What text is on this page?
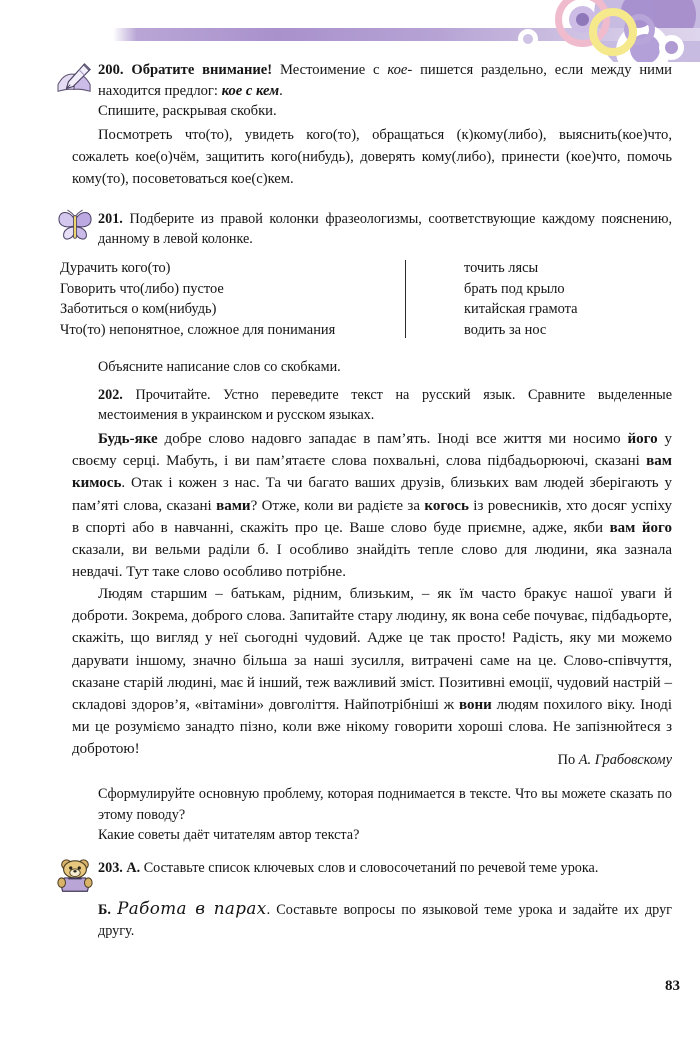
200. Обратите внимание! Местоимение с кое- пишется раздельно, если между ними находится предлог: кое с кем.

Спишите, раскрывая скобки.

Посмотреть что(то), увидеть кого(то), обращаться (к)кому(либо), выяснить(кое)что, сожалеть кое(о)чём, защитить кого(нибудь), доверять кому(либо), принести (кое)что, помочь кому(то), посоветоваться кое(с)кем.

201. Подберите из правой колонки фразеологизмы, соответствующие каждому пояснению, данному в левой колонке.

Дурачить кого(то)
Говорить что(либо) пустое
Заботиться о ком(нибудь)
Что(то) непонятное, сложное для понимания
точить лясы
брать под крыло
китайская грамота
водить за нос
Объясните написание слов со скобками.

202. Прочитайте. Устно переведите текст на русский язык. Сравните выделенные местоимения в украинском и русском языках.

Будь-яке добре слово надовго западає в пам’ять. Іноді все життя ми носимо його у своєму серці. Мабуть, і ви пам’ятаєте слова похвальні, слова підбадьорюючі, сказані вам кимось. Отак і кожен з нас. Та чи багато ваших друзів, близьких вам людей зберігають у пам’яті слова, сказані вами? Отже, коли ви радієте за когось із ровесників, хто досяг успіху в спорті або в навчанні, скажіть про це. Ваше слово буде приємне, адже, якби вам його сказали, ви вельми раділи б. І особливо знайдіть тепле слово для людини, яка зазнала невдачі. Тут таке слово особливо потрібне.
Людям старшим – батькам, рідним, близьким, – як їм часто бракує нашої уваги й доброти. Зокрема, доброго слова. Запитайте стару людину, як вона себе почуває, підбадьорте, скажіть, що вигляд у неї сьогодні чудовий. Адже це так просто! Радість, яку ми можемо дарувати іншому, значно більша за наші зусилля, витрачені саме на це. Слово-співчуття, сказане старій людині, має й інший, теж важливий зміст. Позитивні емоції, чудовий настрій – складові здоров’я, «вітаміни» довголіття. Найпотрібніші ж вони людям похилого віку. Іноді ми це розуміємо занадто пізно, коли вже нікому говорити хороші слова. Не запізнюйтеся з добротою!
По А. Грабовскому
Сформулируйте основную проблему, которая поднимается в тексте. Что вы можете сказать по этому поводу?
Какие советы даёт читателям автор текста?

203. А. Составьте список ключевых слов и словосочетаний по речевой теме урока.

Б. Работа в парах. Составьте вопросы по языковой теме урока и задайте их друг другу.
83
